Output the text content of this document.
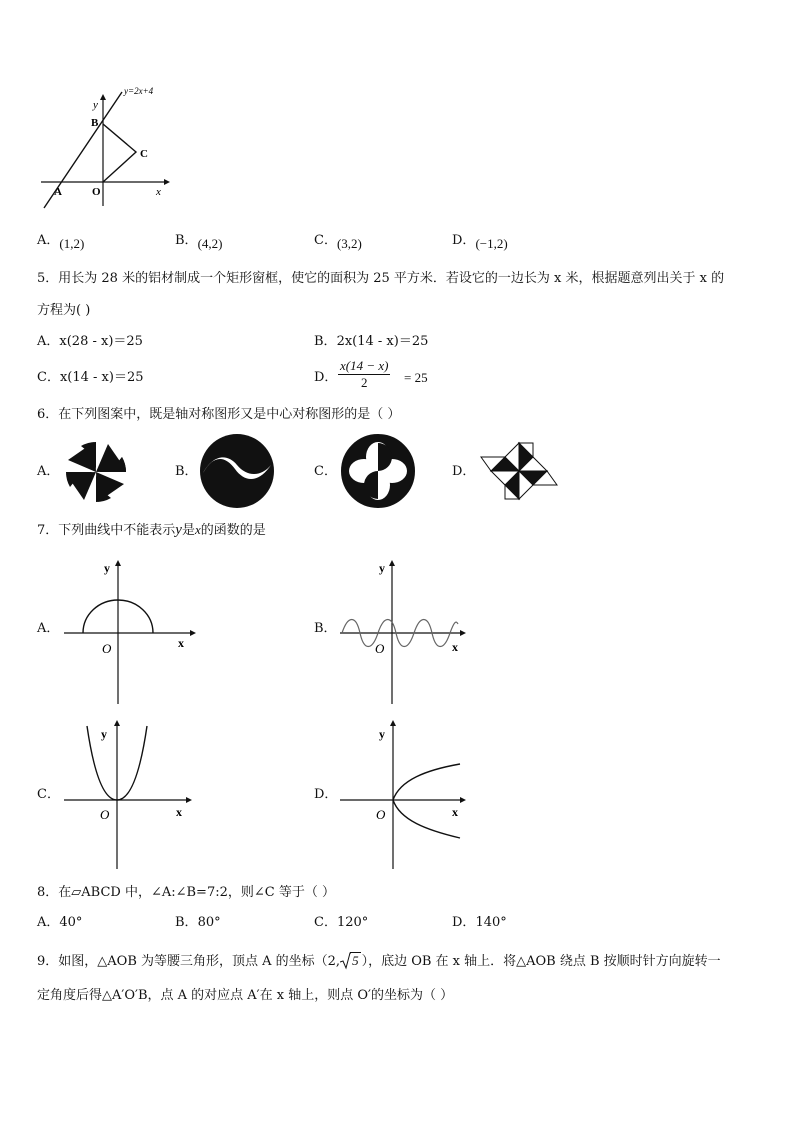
y=2x+4
y
x
B
C
A	O
A．(1,2)	B．(4,2)	C．(3,2)	D．(−1,2)
5．用长为 28 米的铝材制成一个矩形窗框，使它的面积为 25 平方米．若设它的一边长为 x 米，根据题意列出关于 x 的
方程为( )
A．x(28 - x)＝25	B．2x(14 - x)＝25
C．x(14 - x)＝25	D． $\frac{x(14 - x)}{2} = 25$
6．在下列图案中，既是轴对称图形又是中心对称图形的是（ ）
A．	B．	C．	D．
7．下列曲线中不能表示y是x的函数的是
A．
y
x
O
B．
y
x
O
C．
y
x
O
D．
y
x
O
8．在▱ABCD 中，∠A:∠B=7:2，则∠C 等于（ ）
A．40°	B．80°	C．120°	D．140°
9．如图，△AOB 为等腰三角形，顶点 A 的坐标（2, 5 ），底边 OB 在 x 轴上．将△AOB 绕点 B 按顺时针方向旋转一
定角度后得△A′O′B，点 A 的对应点 A′在 x 轴上，则点 O′的坐标为（ ）
